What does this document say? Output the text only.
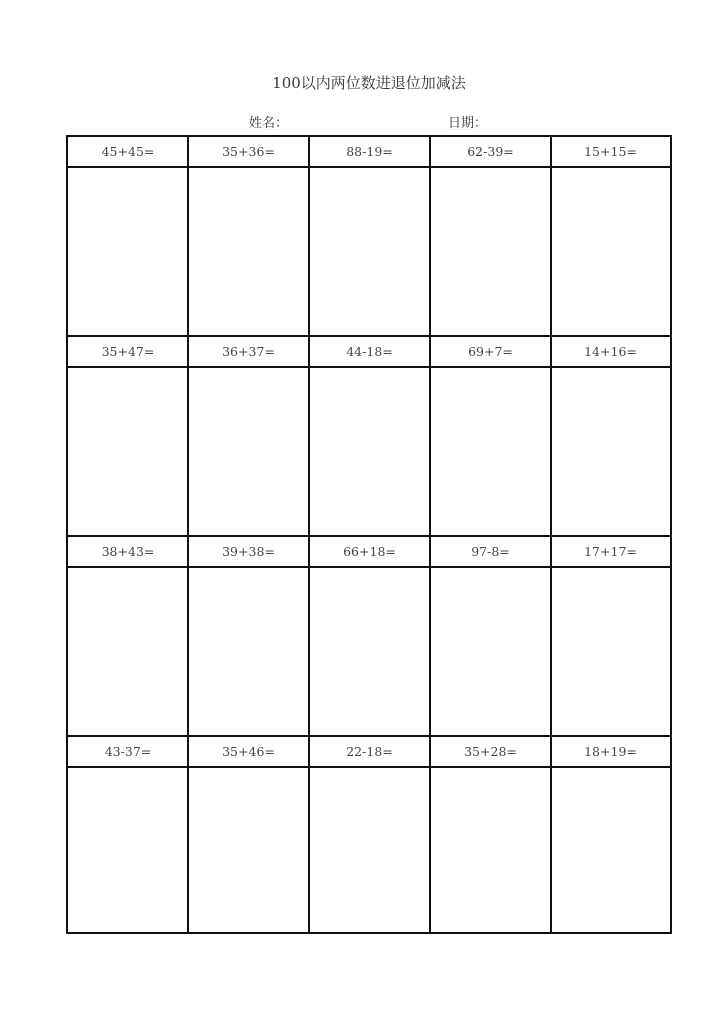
100以内两位数进退位加减法
姓名：	日期：
45+45=	35+36=	88-19=	62-39=	15+15=
35+47=	36+37=	44-18=	69+7=	14+16=
38+43=	39+38=	66+18=	97-8=	17+17=
43-37=	35+46=	22-18=	35+28=	18+19=
